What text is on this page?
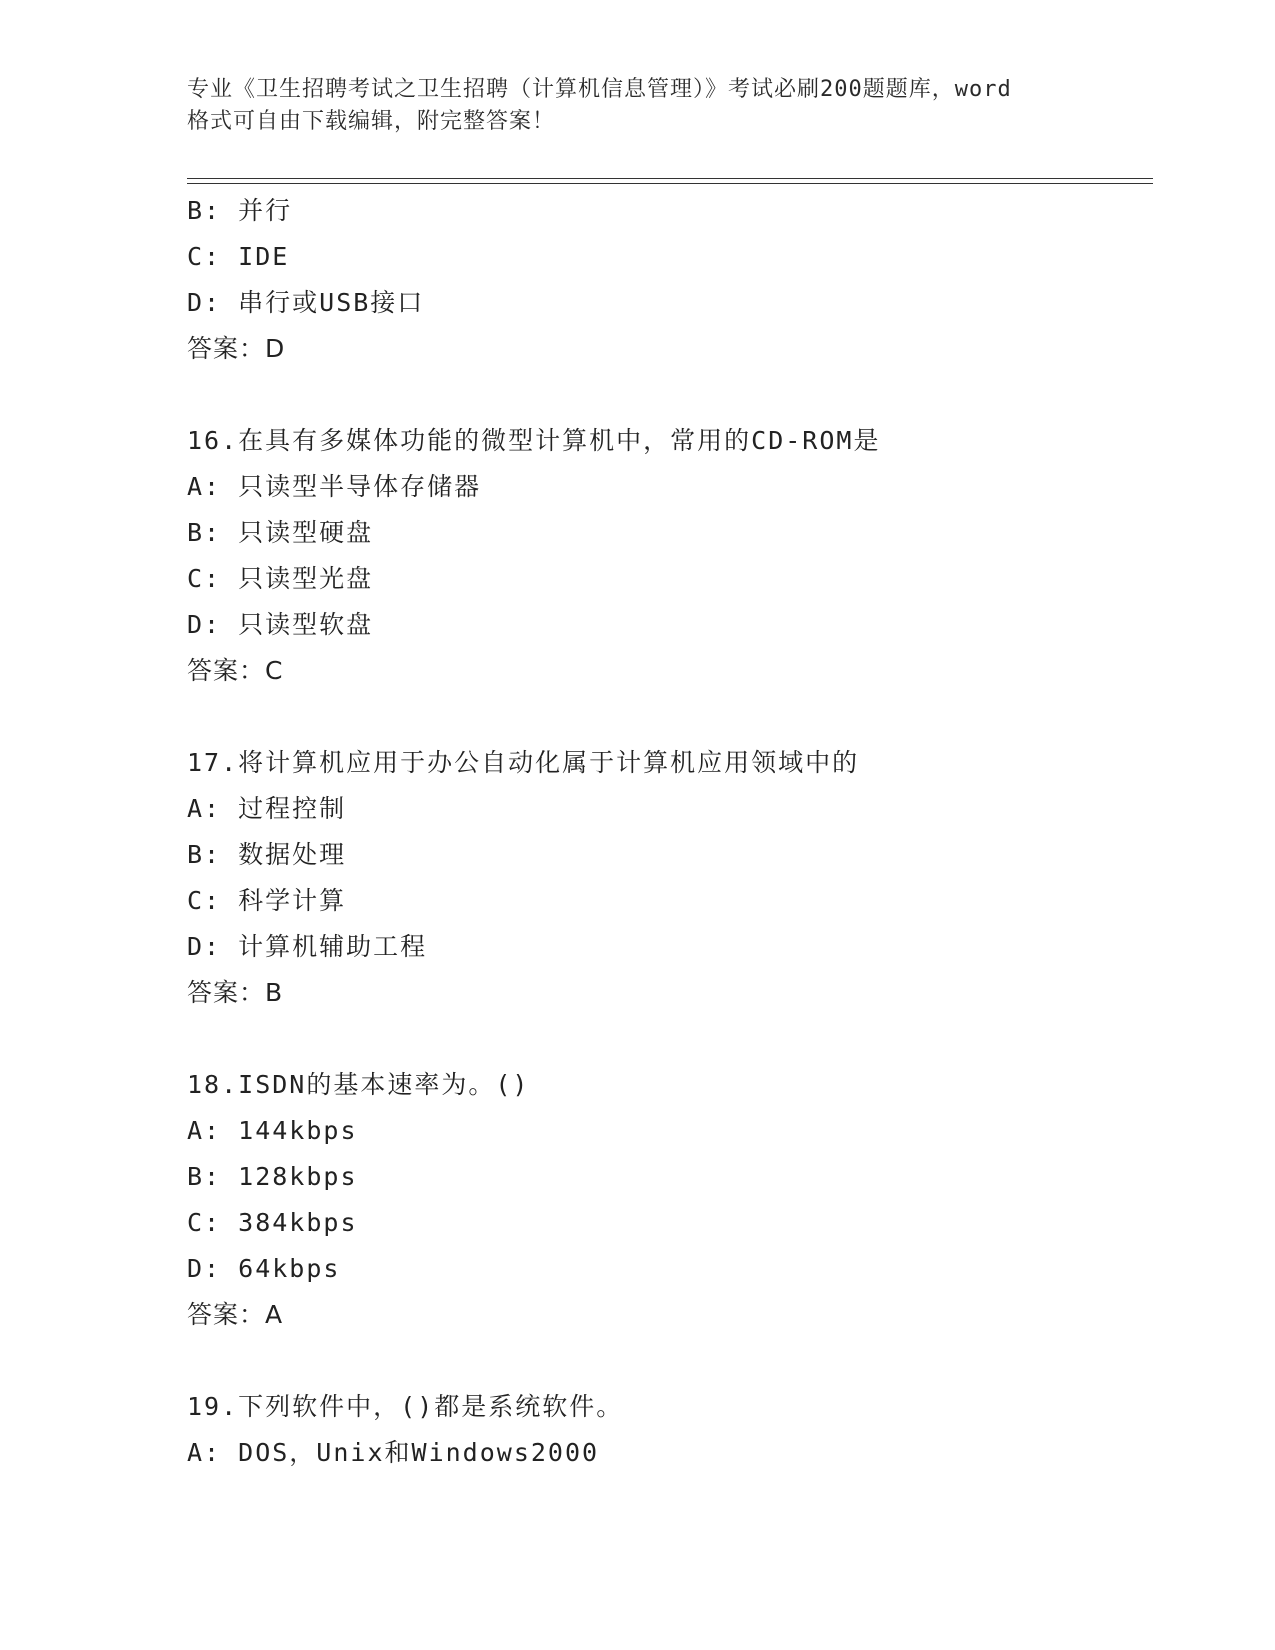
专业《卫生招聘考试之卫生招聘（计算机信息管理）》考试必刷200题题库，word
格式可自由下载编辑，附完整答案！
B: 并行
C: IDE
D: 串行或USB接口
答案：D
16.在具有多媒体功能的微型计算机中，常用的CD-ROM是
A: 只读型半导体存储器
B: 只读型硬盘
C: 只读型光盘
D: 只读型软盘
答案：C
17.将计算机应用于办公自动化属于计算机应用领域中的
A: 过程控制
B: 数据处理
C: 科学计算
D: 计算机辅助工程
答案：B
18.ISDN的基本速率为。()
A: 144kbps
B: 128kbps
C: 384kbps
D: 64kbps
答案：A
19.下列软件中，()都是系统软件。
A: DOS，Unix和Windows2000
